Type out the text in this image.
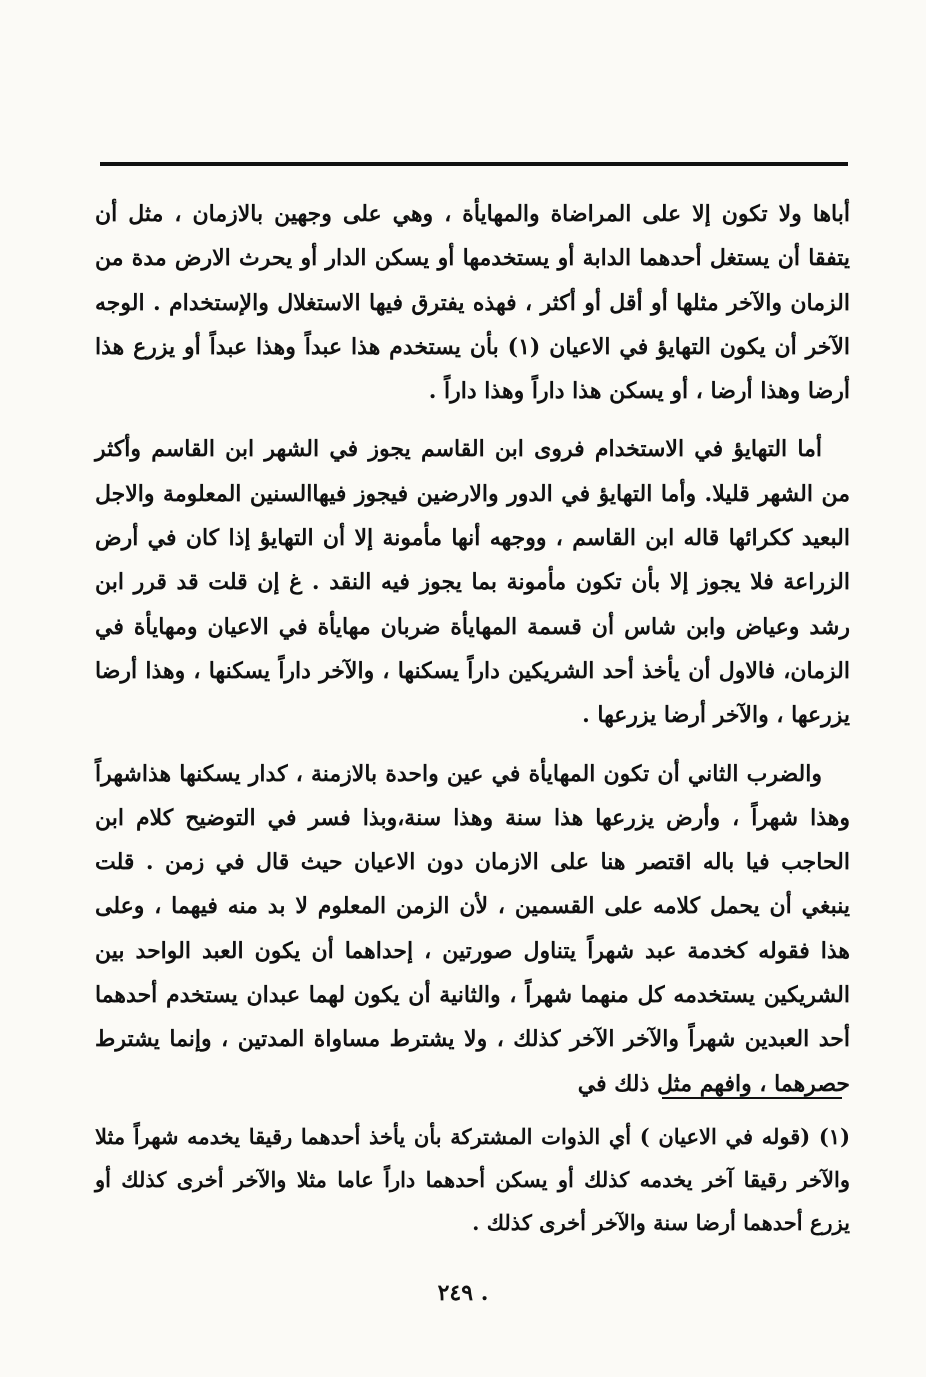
أباها ولا تكون إلا على المراضاة والمهايأة ، وهي على وجهين بالازمان ، مثل أن يتفقا أن يستغل أحدهما الدابة أو يستخدمها أو يسكن الدار أو يحرث الارض مدة من الزمان والآخر مثلها أو أقل أو أكثر ، فهذه يفترق فيها الاستغلال والإستخدام . الوجه الآخر أن يكون التهايؤ في الاعيان (١) بأن يستخدم هذا عبداً وهذا عبداً أو يزرع هذا أرضا وهذا أرضا ، أو يسكن هذا داراً وهذا داراً .

أما التهايؤ في الاستخدام فروى ابن القاسم يجوز في الشهر ابن القاسم وأكثر من الشهر قليلا. وأما التهايؤ في الدور والارضين فيجوز فيهاالسنين المعلومة والاجل البعيد ككرائها قاله ابن القاسم ، ووجهه أنها مأمونة إلا أن التهايؤ إذا كان في أرض الزراعة فلا يجوز إلا بأن تكون مأمونة بما يجوز فيه النقد . غ إن قلت قد قرر ابن رشد وعياض وابن شاس أن قسمة المهايأة ضربان مهايأة في الاعيان ومهايأة في الزمان، فالاول أن يأخذ أحد الشريكين داراً يسكنها ، والآخر داراً يسكنها ، وهذا أرضا يزرعها ، والآخر أرضا يزرعها .

والضرب الثاني أن تكون المهايأة في عين واحدة بالازمنة ، كدار يسكنها هذاشهراً وهذا شهراً ، وأرض يزرعها هذا سنة وهذا سنة،وبذا فسر في التوضيح كلام ابن الحاجب فيا باله اقتصر هنا على الازمان دون الاعيان حيث قال في زمن . قلت ينبغي أن يحمل كلامه على القسمين ، لأن الزمن المعلوم لا بد منه فيهما ، وعلى هذا فقوله كخدمة عبد شهراً يتناول صورتين ، إحداهما أن يكون العبد الواحد بين الشريكين يستخدمه كل منهما شهراً ، والثانية أن يكون لهما عبدان يستخدم أحدهما أحد العبدين شهراً والآخر الآخر كذلك ، ولا يشترط مساواة المدتين ، وإنما يشترط حصرهما ، وافهم مثل ذلك في

(١) (قوله في الاعيان ) أي الذوات المشتركة بأن يأخذ أحدهما رقيقا يخدمه شهراً مثلا والآخر رقيقا آخر يخدمه كذلك أو يسكن أحدهما داراً عاما مثلا والآخر أخرى كذلك أو يزرع أحدهما أرضا سنة والآخر أخرى كذلك .

. ٢٤٩
